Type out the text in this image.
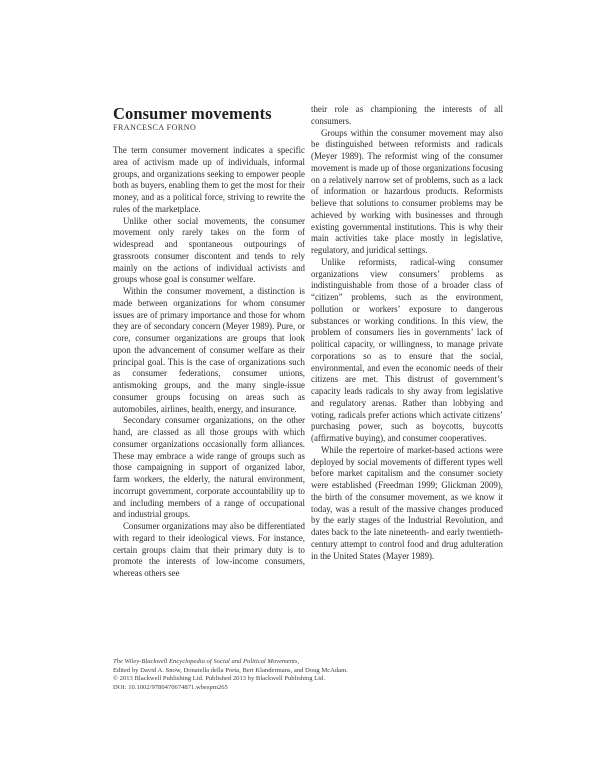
Consumer movements
FRANCESCA FORNO

The term consumer movement indicates a specific area of activism made up of individuals, informal groups, and organizations seeking to empower people both as buyers, enabling them to get the most for their money, and as a political force, striving to rewrite the rules of the marketplace.

Unlike other social movements, the consumer movement only rarely takes on the form of widespread and spontaneous outpourings of grassroots consumer discontent and tends to rely mainly on the actions of individual activists and groups whose goal is consumer welfare.

Within the consumer movement, a distinction is made between organizations for whom consumer issues are of primary importance and those for whom they are of secondary concern (Meyer 1989). Pure, or core, consumer organizations are groups that look upon the advancement of consumer welfare as their principal goal. This is the case of organizations such as consumer federations, consumer unions, antismoking groups, and the many single-issue consumer groups focusing on areas such as automobiles, airlines, health, energy, and insurance.

Secondary consumer organizations, on the other hand, are classed as all those groups with which consumer organizations occasionally form alliances. These may embrace a wide range of groups such as those campaigning in support of organized labor, farm workers, the elderly, the natural environment, incorrupt government, corporate accountability up to and including members of a range of occupational and industrial groups.

Consumer organizations may also be differentiated with regard to their ideological views. For instance, certain groups claim that their primary duty is to promote the interests of low-income consumers, whereas others see

their role as championing the interests of all consumers.

Groups within the consumer movement may also be distinguished between reformists and radicals (Meyer 1989). The reformist wing of the consumer movement is made up of those organizations focusing on a relatively narrow set of problems, such as a lack of information or hazardous products. Reformists believe that solutions to consumer problems may be achieved by working with businesses and through existing governmental institutions. This is why their main activities take place mostly in legislative, regulatory, and juridical settings.

Unlike reformists, radical-wing consumer organizations view consumers’ problems as indistinguishable from those of a broader class of “citizen” problems, such as the environment, pollution or workers’ exposure to dangerous substances or working conditions. In this view, the problem of consumers lies in governments’ lack of political capacity, or willingness, to manage private corporations so as to ensure that the social, environmental, and even the economic needs of their citizens are met. This distrust of government’s capacity leads radicals to shy away from legislative and regulatory arenas. Rather than lobbying and voting, radicals prefer actions which activate citizens’ purchasing power, such as boycotts, buycotts (affirmative buying), and consumer cooperatives.

While the repertoire of market-based actions were deployed by social movements of different types well before market capitalism and the consumer society were established (Freedman 1999; Glickman 2009), the birth of the consumer movement, as we know it today, was a result of the massive changes produced by the early stages of the Industrial Revolution, and dates back to the late nineteenth- and early twentieth-century attempt to control food and drug adulteration in the United States (Mayer 1989).

The Wiley-Blackwell Encyclopedia of Social and Political Movements,
Edited by David A. Snow, Donatella della Porta, Bert Klandermans, and Doug McAdam.
© 2013 Blackwell Publishing Ltd. Published 2013 by Blackwell Publishing Ltd.
DOI: 10.1002/9780470674871.wbespm265
